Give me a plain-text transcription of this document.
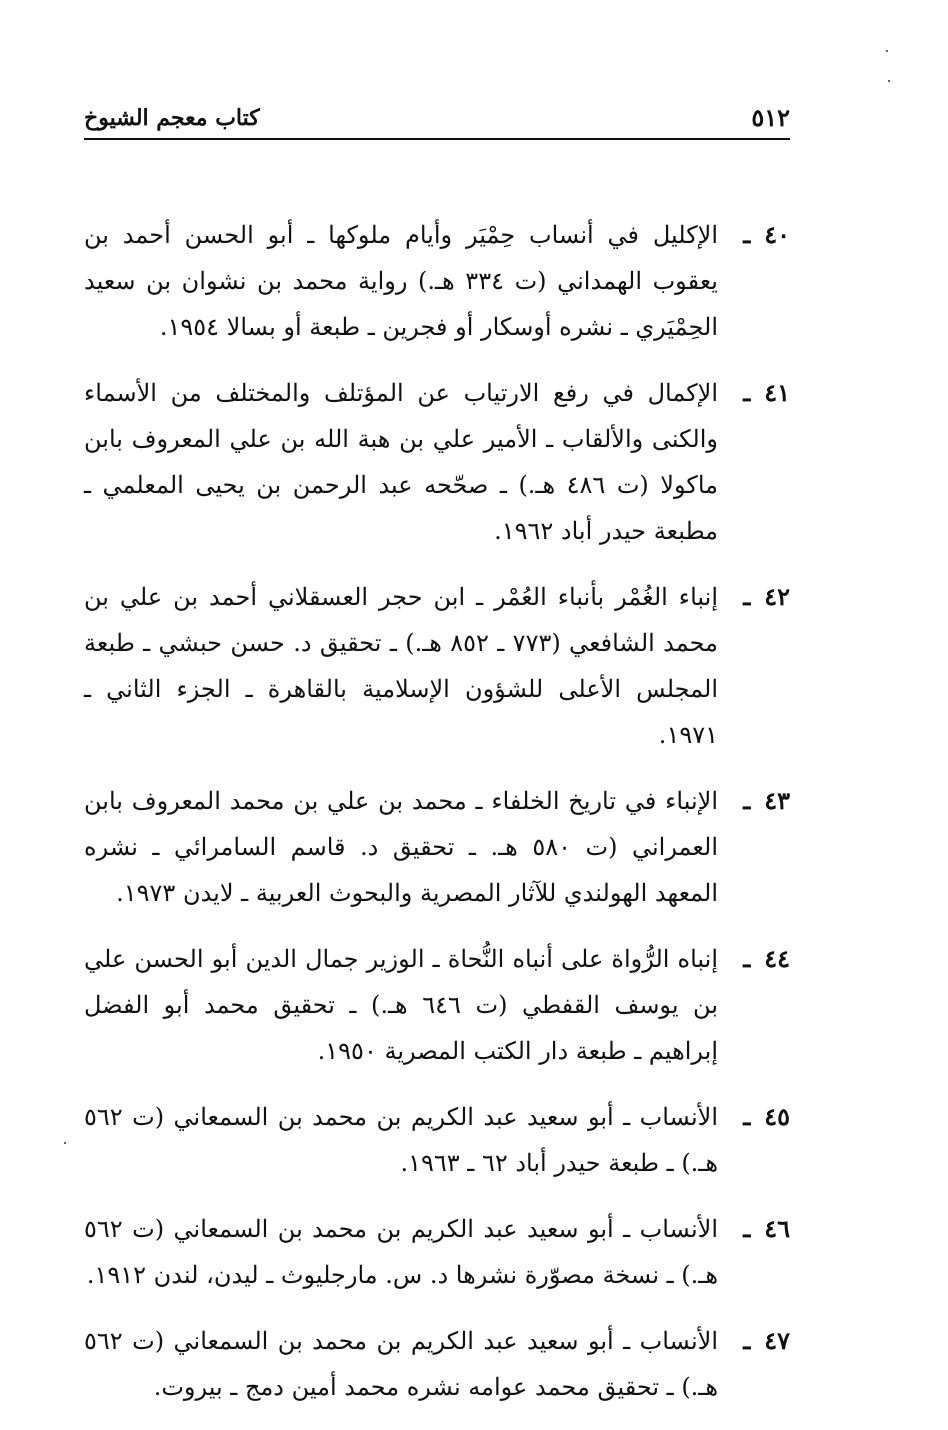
٥١٢
كتاب معجم الشيوخ
٤٠ـ
الإكليل في أنساب حِمْيَر وأيام ملوكها ـ أبو الحسن أحمد بن يعقوب الهمداني (ت ٣٣٤ هـ.) رواية محمد بن نشوان بن سعيد الحِمْيَري ـ نشره أوسكار أو فجرين ـ طبعة أو بسالا ١٩٥٤.
٤١ـ
الإكمال في رفع الارتياب عن المؤتلف والمختلف من الأسماء والكنى والألقاب ـ الأمير علي بن هبة الله بن علي المعروف بابن ماكولا (ت ٤٨٦ هـ.) ـ صحّحه عبد الرحمن بن يحيى المعلمي ـ مطبعة حيدر أباد ١٩٦٢.
٤٢ـ
إنباء الغُمْر بأنباء العُمْر ـ ابن حجر العسقلاني أحمد بن علي بن محمد الشافعي (٧٧٣ ـ ٨٥٢ هـ.) ـ تحقيق د. حسن حبشي ـ طبعة المجلس الأعلى للشؤون الإسلامية بالقاهرة ـ الجزء الثاني ـ ١٩٧١.
٤٣ـ
الإنباء في تاريخ الخلفاء ـ محمد بن علي بن محمد المعروف بابن العمراني (ت ٥٨٠ هـ. ـ تحقيق د. قاسم السامرائي ـ نشره المعهد الهولندي للآثار المصرية والبحوث العربية ـ لايدن ١٩٧٣.
٤٤ـ
إنباه الرُّواة على أنباه النُّحاة ـ الوزير جمال الدين أبو الحسن علي بن يوسف القفطي (ت ٦٤٦ هـ.) ـ تحقيق محمد أبو الفضل إبراهيم ـ طبعة دار الكتب المصرية ١٩٥٠.
٤٥ـ
الأنساب ـ أبو سعيد عبد الكريم بن محمد بن السمعاني (ت ٥٦٢ هـ.) ـ طبعة حيدر أباد ٦٢ ـ ١٩٦٣.
٤٦ـ
الأنساب ـ أبو سعيد عبد الكريم بن محمد بن السمعاني (ت ٥٦٢ هـ.) ـ نسخة مصوّرة نشرها د. س. مارجليوث ـ ليدن، لندن ١٩١٢.
٤٧ـ
الأنساب ـ أبو سعيد عبد الكريم بن محمد بن السمعاني (ت ٥٦٢ هـ.) ـ تحقيق محمد عوامه نشره محمد أمين دمج ـ بيروت.
